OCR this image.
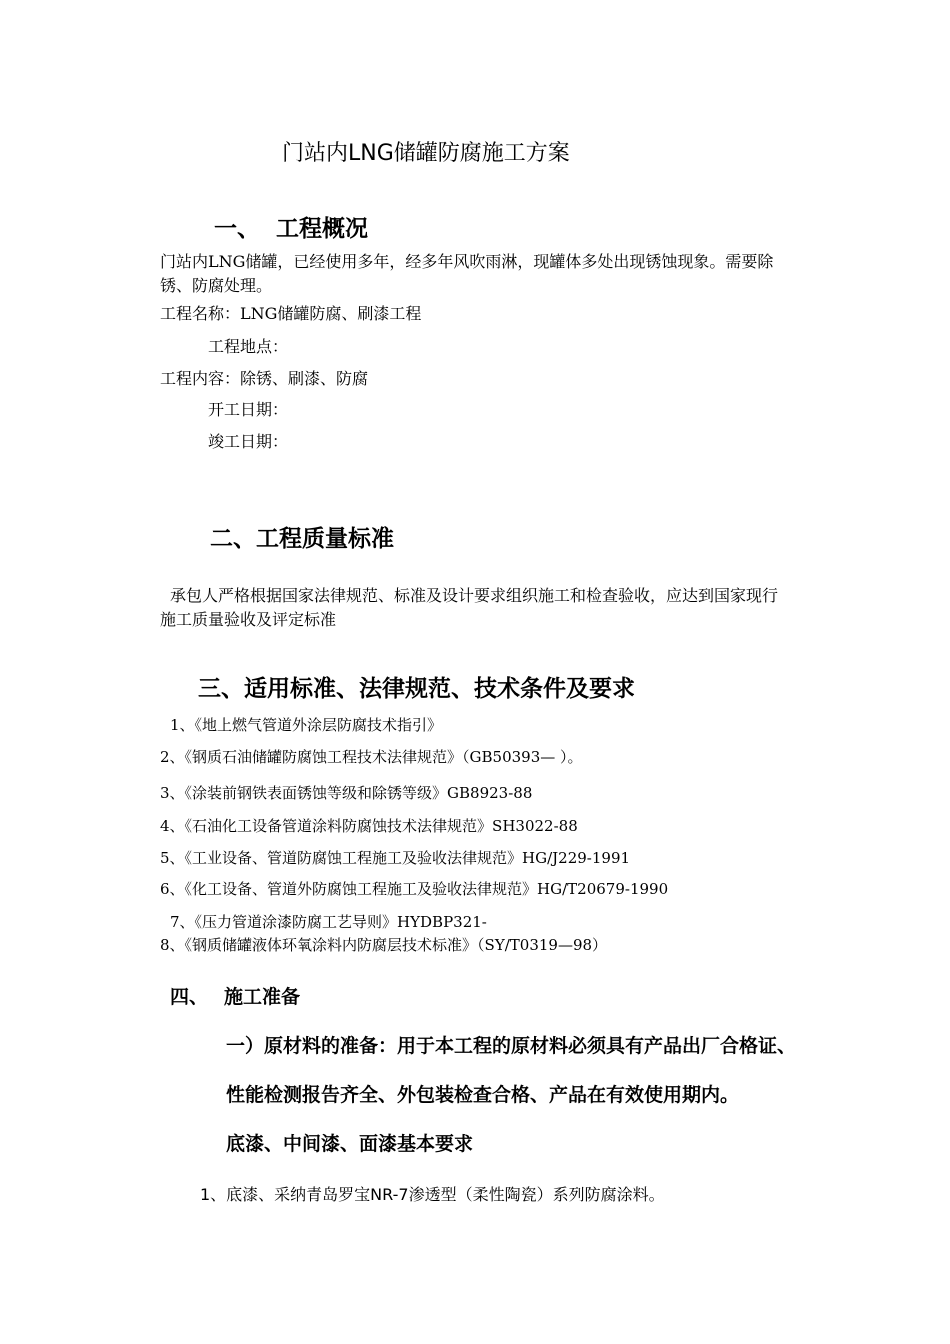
门站内LNG储罐防腐施工方案
一、 工程概况
门站内LNG储罐，已经使用多年，经多年风吹雨淋，现罐体多处出现锈蚀现象。需要除
锈、防腐处理。
工程名称：LNG储罐防腐、刷漆工程
工程地点：
工程内容：除锈、刷漆、防腐
开工日期：
竣工日期：
二、工程质量标准
承包人严格根据国家法律规范、标准及设计要求组织施工和检查验收，应达到国家现行
施工质量验收及评定标准
三、适用标准、法律规范、技术条件及要求
1、《地上燃气管道外涂层防腐技术指引》
2、《钢质石油储罐防腐蚀工程技术法律规范》（GB50393— ）。
3、《涂装前钢铁表面锈蚀等级和除锈等级》GB8923-88
4、《石油化工设备管道涂料防腐蚀技术法律规范》SH3022-88
5、《工业设备、管道防腐蚀工程施工及验收法律规范》HG/J229-1991
6、《化工设备、管道外防腐蚀工程施工及验收法律规范》HG/T20679-1990
7、《压力管道涂漆防腐工艺导则》HYDBP321-
8、《钢质储罐液体环氧涂料内防腐层技术标准》（SY/T0319—98）
四、 施工准备
一）原材料的准备：用于本工程的原材料必须具有产品出厂合格证、
性能检测报告齐全、外包装检查合格、产品在有效使用期内。
底漆、中间漆、面漆基本要求
1、底漆、采纳青岛罗宝NR-7渗透型（柔性陶瓷）系列防腐涂料。
